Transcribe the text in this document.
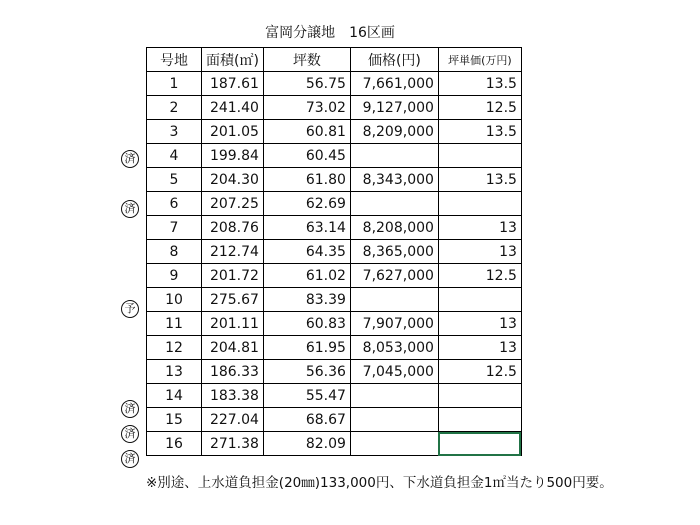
富岡分譲地　16区画
号地	面積(㎡)	坪数	価格(円)	坪単価(万円)
1	187.61	56.75	7,661,000	13.5
2	241.40	73.02	9,127,000	12.5
3	201.05	60.81	8,209,000	13.5
4	199.84	60.45		
5	204.30	61.80	8,343,000	13.5
6	207.25	62.69		
7	208.76	63.14	8,208,000	13
8	212.74	64.35	8,365,000	13
9	201.72	61.02	7,627,000	12.5
10	275.67	83.39		
11	201.11	60.83	7,907,000	13
12	204.81	61.95	8,053,000	13
13	186.33	56.36	7,045,000	12.5
14	183.38	55.47		
15	227.04	68.67		
16	271.38	82.09		
済
済
予
済
済
済
※別途、上水道負担金(20㎜)133,000円、下水道負担金1㎡当たり500円要。
